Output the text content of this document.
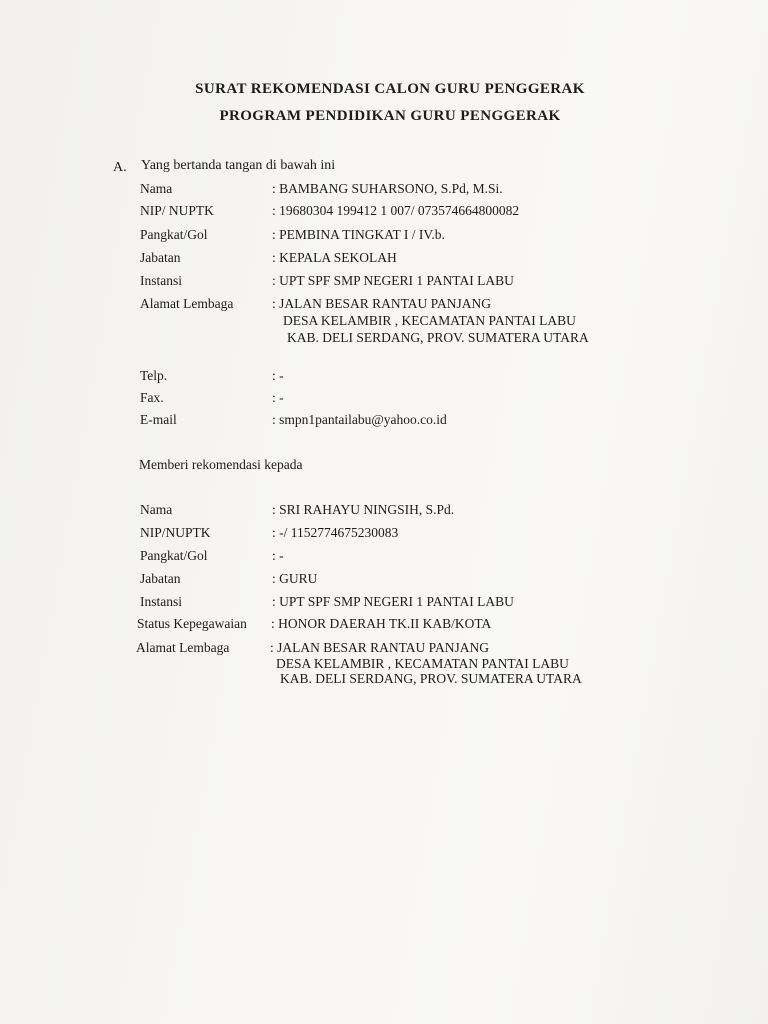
SURAT REKOMENDASI CALON GURU PENGGERAK
PROGRAM PENDIDIKAN GURU PENGGERAK
A. Yang bertanda tangan di bawah ini
Nama	: BAMBANG SUHARSONO, S.Pd, M.Si.
NIP/ NUPTK	: 19680304 199412 1 007/ 073574664800082
Pangkat/Gol	: PEMBINA TINGKAT I / IV.b.
Jabatan	: KEPALA SEKOLAH
Instansi	: UPT SPF SMP NEGERI 1 PANTAI LABU
Alamat Lembaga	: JALAN BESAR RANTAU PANJANG
DESA KELAMBIR , KECAMATAN PANTAI LABU
KAB. DELI SERDANG, PROV. SUMATERA UTARA
Telp.	: -
Fax.	: -
E-mail	: smpn1pantailabu@yahoo.co.id
Memberi rekomendasi kepada
Nama	: SRI RAHAYU NINGSIH, S.Pd.
NIP/NUPTK	: -/ 1152774675230083
Pangkat/Gol	: -
Jabatan	: GURU
Instansi	: UPT SPF SMP NEGERI 1 PANTAI LABU
Status Kepegawaian : HONOR DAERAH TK.II KAB/KOTA
Alamat Lembaga	: JALAN BESAR RANTAU PANJANG
DESA KELAMBIR , KECAMATAN PANTAI LABU
KAB. DELI SERDANG, PROV. SUMATERA UTARA
